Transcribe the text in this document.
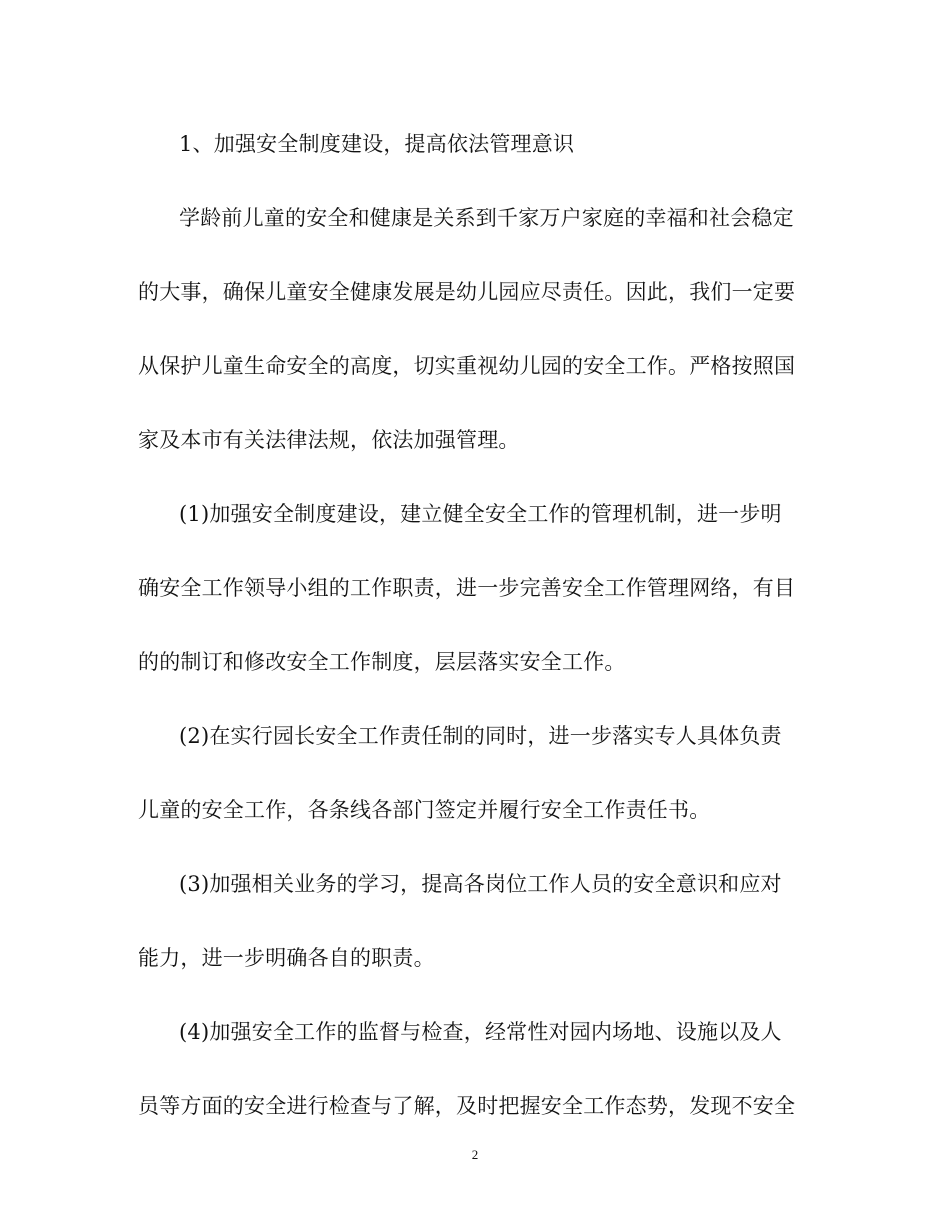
1、加强安全制度建设，提高依法管理意识
学龄前儿童的安全和健康是关系到千家万户家庭的幸福和社会稳定
的大事，确保儿童安全健康发展是幼儿园应尽责任。因此，我们一定要
从保护儿童生命安全的高度，切实重视幼儿园的安全工作。严格按照国
家及本市有关法律法规，依法加强管理。
(1)加强安全制度建设，建立健全安全工作的管理机制，进一步明
确安全工作领导小组的工作职责，进一步完善安全工作管理网络，有目
的的制订和修改安全工作制度，层层落实安全工作。
(2)在实行园长安全工作责任制的同时，进一步落实专人具体负责
儿童的安全工作，各条线各部门签定并履行安全工作责任书。
(3)加强相关业务的学习，提高各岗位工作人员的安全意识和应对
能力，进一步明确各自的职责。
(4)加强安全工作的监督与检查，经常性对园内场地、设施以及人
员等方面的安全进行检查与了解，及时把握安全工作态势，发现不安全
2
